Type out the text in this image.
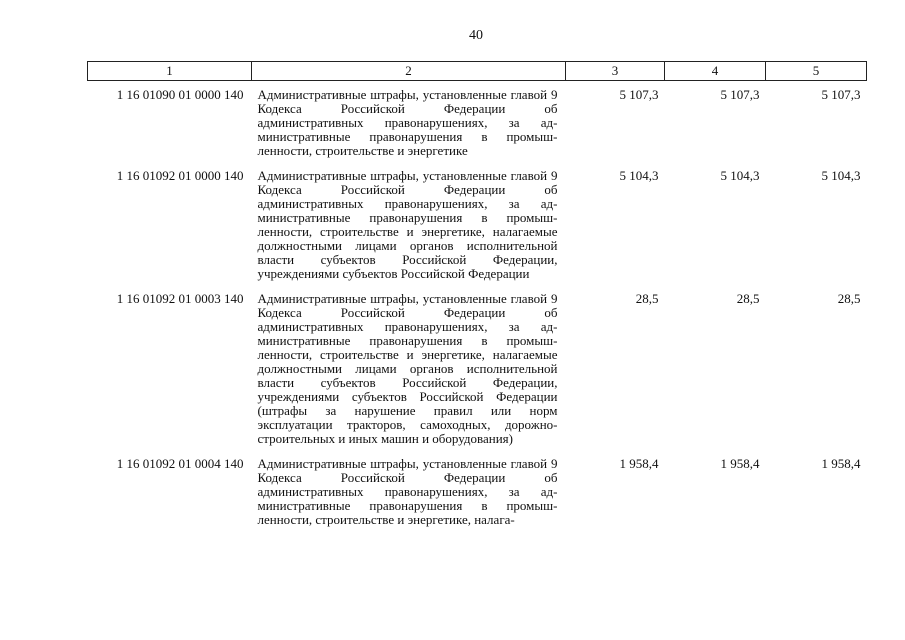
40
1	2	3	4	5
1 16 01090 01 0000 140	Административные штрафы, установленные главой 9 Кодекса Российской Федерации об административных правонарушениях, за административные правонарушения в промышленности, строительстве и энергетике	5 107,3	5 107,3	5 107,3
1 16 01092 01 0000 140	Административные штрафы, установленные главой 9 Кодекса Российской Федерации об административных правонарушениях, за административные правонарушения в промышленности, строительстве и энергетике, налагаемые должностными лицами органов исполнительной власти субъектов Российской Федерации, учреждениями субъектов Российской Федерации	5 104,3	5 104,3	5 104,3
1 16 01092 01 0003 140	Административные штрафы, установленные главой 9 Кодекса Российской Федерации об административных правонарушениях, за административные правонарушения в промышленности, строительстве и энергетике, налагаемые должностными лицами органов исполнительной власти субъектов Российской Федерации, учреждениями субъектов Российской Федерации (штрафы за нарушение правил или норм эксплуатации тракторов, самоходных, дорожно-строительных и иных машин и оборудования)	28,5	28,5	28,5
1 16 01092 01 0004 140	Административные штрафы, установленные главой 9 Кодекса Российской Федерации об административных правонарушениях, за административные правонарушения в промышленности, строительстве и энергетике, налага-	1 958,4	1 958,4	1 958,4
